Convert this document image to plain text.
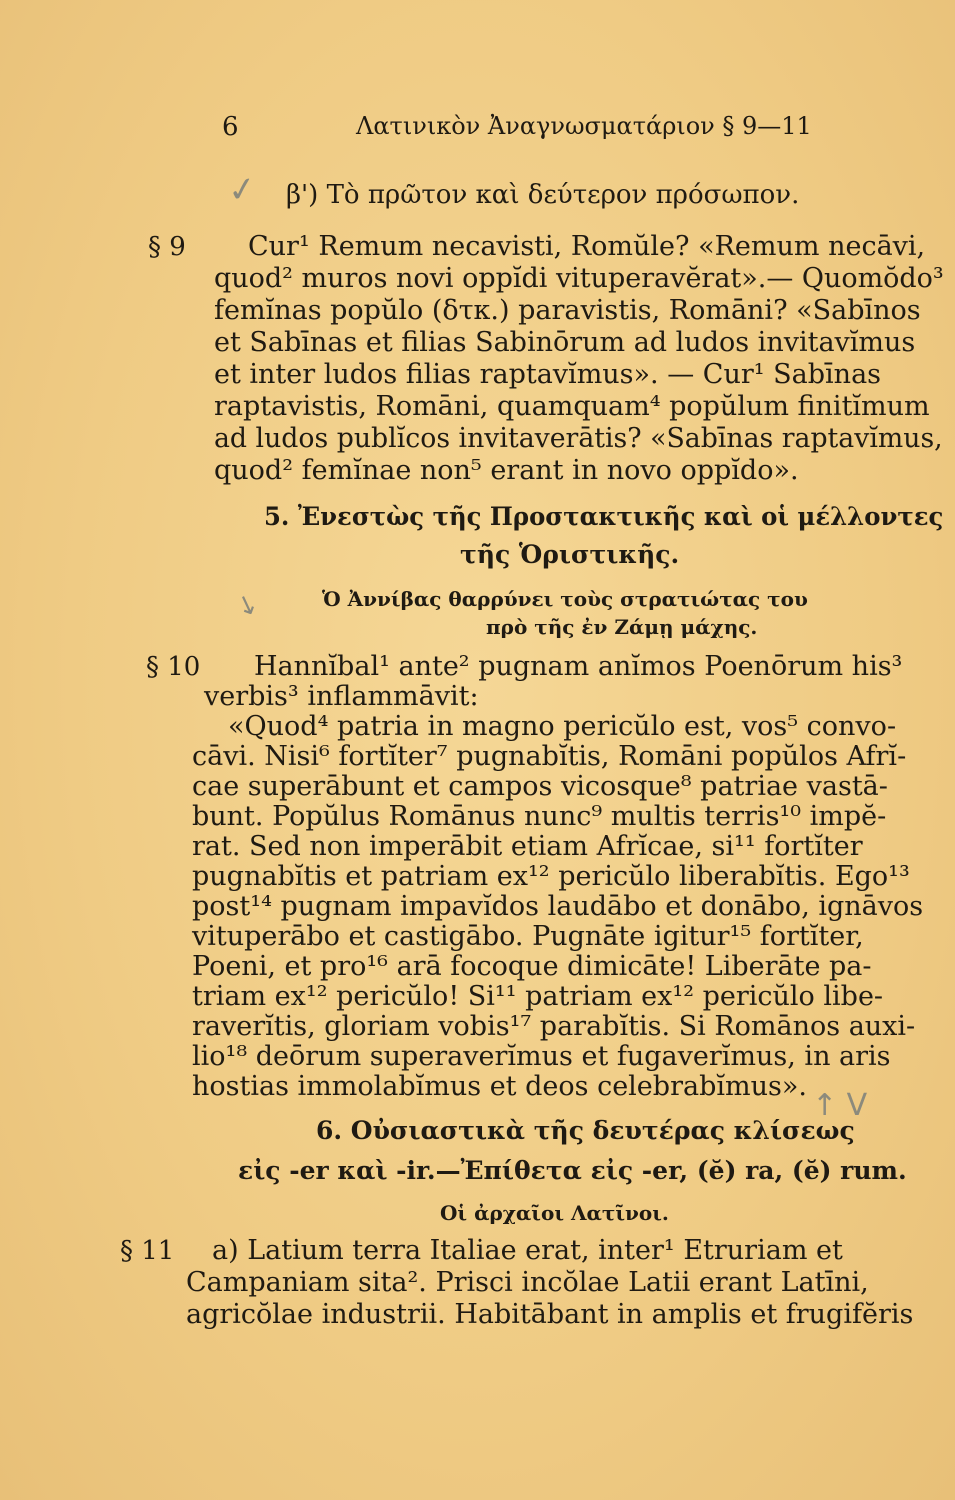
6	Λατινικὸν Ἀναγνωσματάριον § 9—11
✓
↘
↑ V
β') Τὸ πρῶτον καὶ δεύτερον πρόσωπον.
§ 9 Cur¹ Remum necavisti, Romŭle? «Remum necāvi,
quod² muros novi oppĭdi vituperavĕrat».— Quomŏdo³
femĭnas popŭlo (δτκ.) paravistis, Romāni? «Sabīnos
et Sabīnas et filias Sabinōrum ad ludos invitavĭmus
et inter ludos filias raptavĭmus». — Cur¹ Sabīnas
raptavistis, Romāni, quamquam⁴ popŭlum finitĭmum
ad ludos publĭcos invitaverātis? «Sabīnas raptavĭmus,
quod² femĭnae non⁵ erant in novo oppĭdo».
5. Ἐνεστὼς τῆς Προστακτικῆς καὶ οἱ μέλλοντες
τῆς Ὁριστικῆς.
Ὁ Ἀννίβας θαρρύνει τοὺς στρατιώτας του
πρὸ τῆς ἐν Ζάμῃ μάχης.
§ 10 Hannĭbal¹ ante² pugnam anĭmos Poenōrum his³
verbis³ inflammāvit:
«Quod⁴ patria in magno pericŭlo est, vos⁵ convo-
cāvi. Nisi⁶ fortĭter⁷ pugnabĭtis, Romāni popŭlos Afrĭ-
cae superābunt et campos vicosque⁸ patriae vastā-
bunt. Popŭlus Romānus nunc⁹ multis terris¹⁰ impĕ-
rat. Sed non imperābit etiam Afrĭcae, si¹¹ fortĭter
pugnabĭtis et patriam ex¹² pericŭlo liberabĭtis. Ego¹³
post¹⁴ pugnam impavĭdos laudābo et donābo, ignāvos
vituperābo et castigābo. Pugnāte igitur¹⁵ fortĭter,
Poeni, et pro¹⁶ arā focoque dimicāte! Liberāte pa-
triam ex¹² pericŭlo! Si¹¹ patriam ex¹² pericŭlo libe-
raverĭtis, gloriam vobis¹⁷ parabĭtis. Si Romānos auxi-
lio¹⁸ deōrum superaverĭmus et fugaverĭmus, in aris
hostias immolabĭmus et deos celebrabĭmus».
6. Οὐσιαστικὰ τῆς δευτέρας κλίσεως
εἰς -er καὶ -ir.—Ἐπίθετα εἰς -er, (ĕ) ra, (ĕ) rum.
Οἱ ἀρχαῖοι Λατῖνοι.
§ 11 a) Latium terra Italiae erat, inter¹ Etruriam et
Campaniam sita². Prisci incŏlae Latii erant Latīni,
agricŏlae industrii. Habitābant in amplis et frugifĕris
